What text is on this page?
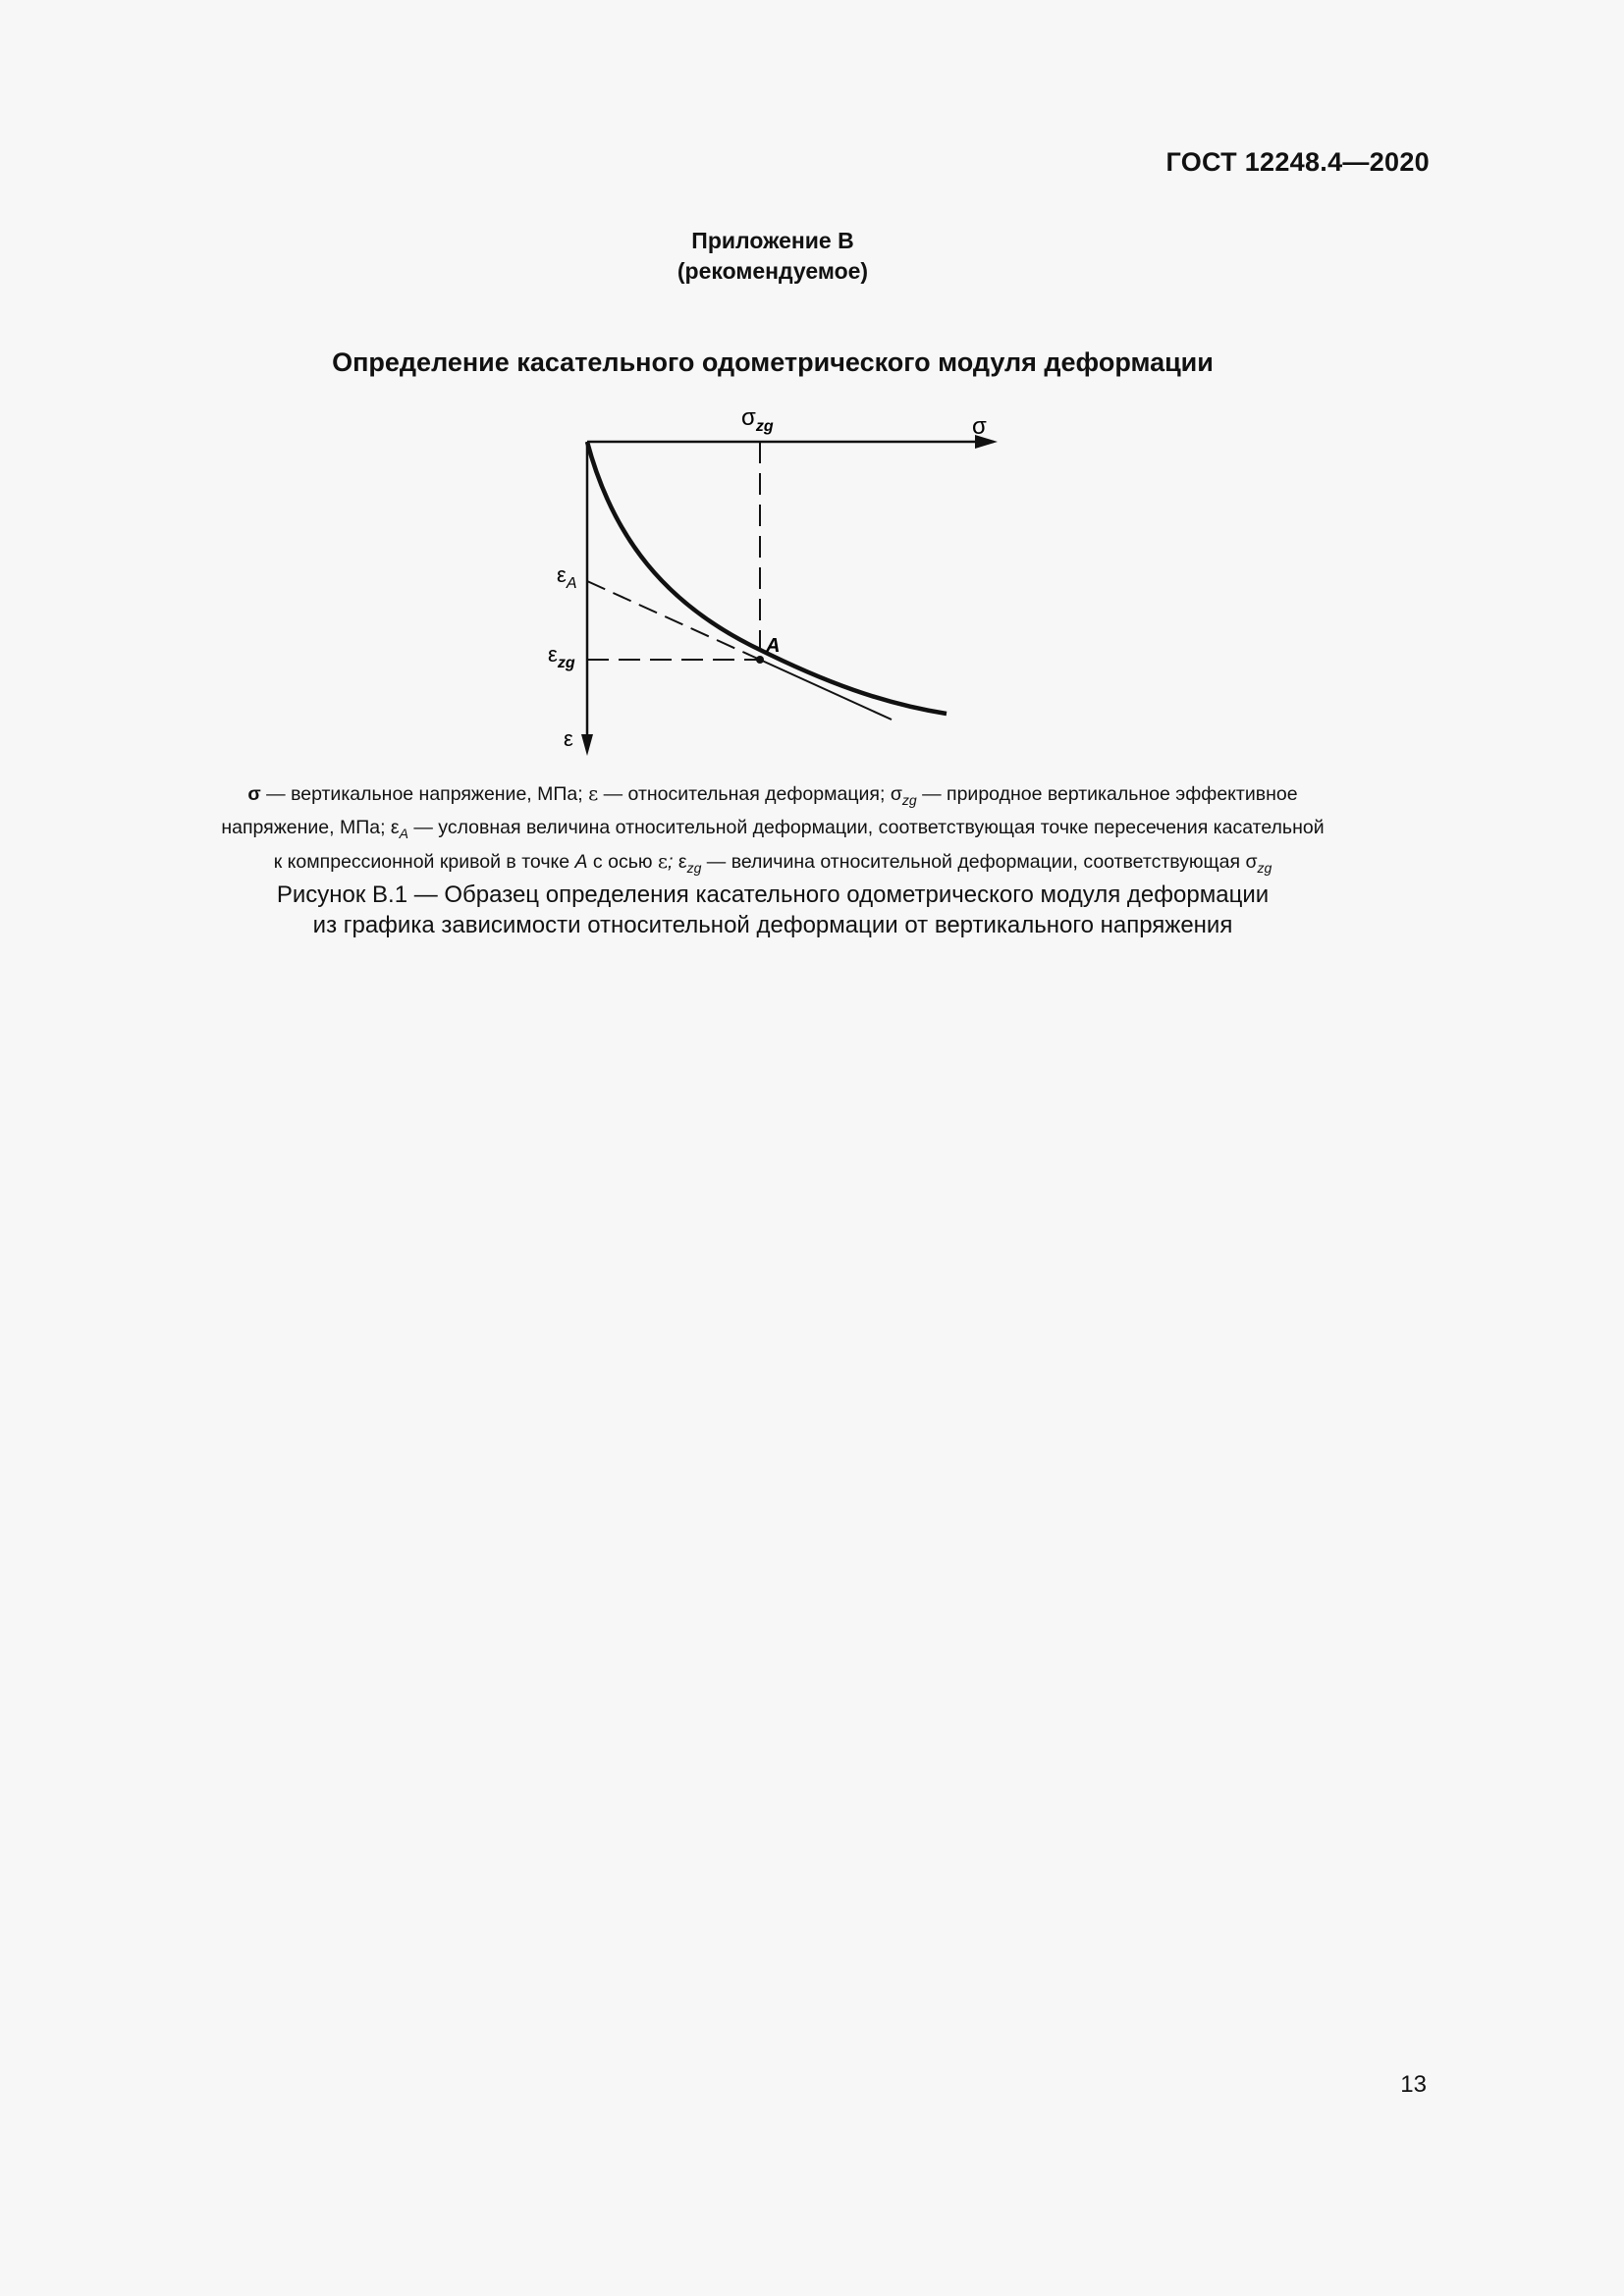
ГОСТ 12248.4—2020
Приложение В
(рекомендуемое)
Определение касательного одометрического модуля деформации
$\sigma_{zg}$	σ
$\varepsilon_A$
$\varepsilon_{zg}$
A
ε
σ — вертикальное напряжение, МПа; ε — относительная деформация; $\sigma_{zg}$ — природное вертикальное эффективное
напряжение, МПа; $\varepsilon_A$ — условная величина относительной деформации, соответствующая точке пересечения касательной
к компрессионной кривой в точке A с осью ε; $\varepsilon_{zg}$ — величина относительной деформации, соответствующая $\sigma_{zg}$
Рисунок В.1 — Образец определения касательного одометрического модуля деформации
из графика зависимости относительной деформации от вертикального напряжения
13
